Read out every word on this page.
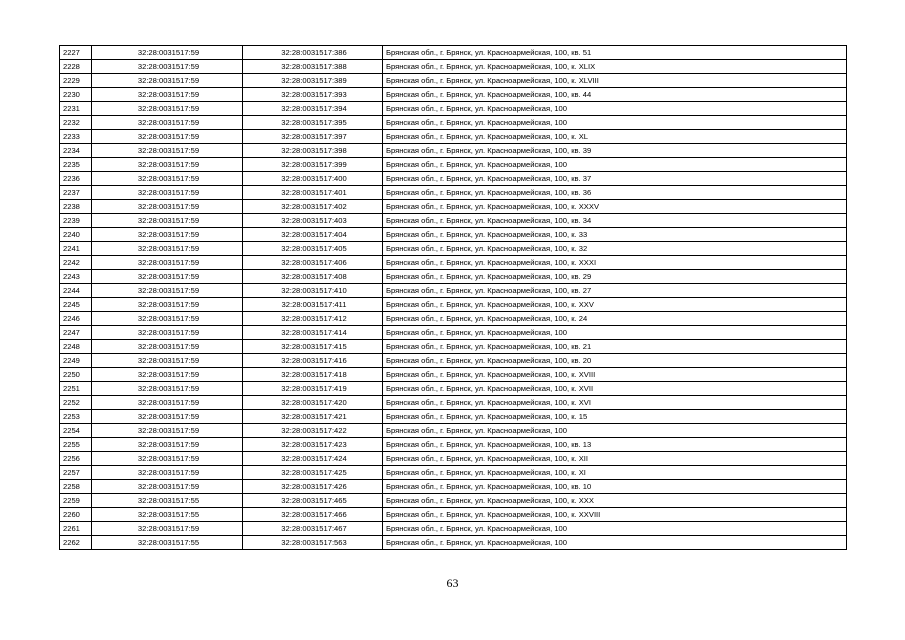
2227	32:28:0031517:59	32:28:0031517:386	Брянская обл., г. Брянск, ул. Красноармейская, 100, кв. 51
2228	32:28:0031517:59	32:28:0031517:388	Брянская обл., г. Брянск, ул. Красноармейская, 100, к. XLIX
2229	32:28:0031517:59	32:28:0031517:389	Брянская обл., г. Брянск, ул. Красноармейская, 100, к. XLVIII
2230	32:28:0031517:59	32:28:0031517:393	Брянская обл., г. Брянск, ул. Красноармейская, 100, кв. 44
2231	32:28:0031517:59	32:28:0031517:394	Брянская обл., г. Брянск, ул. Красноармейская, 100
2232	32:28:0031517:59	32:28:0031517:395	Брянская обл., г. Брянск, ул. Красноармейская, 100
2233	32:28:0031517:59	32:28:0031517:397	Брянская обл., г. Брянск, ул. Красноармейская, 100, к. XL
2234	32:28:0031517:59	32:28:0031517:398	Брянская обл., г. Брянск, ул. Красноармейская, 100, кв. 39
2235	32:28:0031517:59	32:28:0031517:399	Брянская обл., г. Брянск, ул. Красноармейская, 100
2236	32:28:0031517:59	32:28:0031517:400	Брянская обл., г. Брянск, ул. Красноармейская, 100, кв. 37
2237	32:28:0031517:59	32:28:0031517:401	Брянская обл., г. Брянск, ул. Красноармейская, 100, кв. 36
2238	32:28:0031517:59	32:28:0031517:402	Брянская обл., г. Брянск, ул. Красноармейская, 100, к. XXXV
2239	32:28:0031517:59	32:28:0031517:403	Брянская обл., г. Брянск, ул. Красноармейская, 100, кв. 34
2240	32:28:0031517:59	32:28:0031517:404	Брянская обл., г. Брянск, ул. Красноармейская, 100, к. 33
2241	32:28:0031517:59	32:28:0031517:405	Брянская обл., г. Брянск, ул. Красноармейская, 100, к. 32
2242	32:28:0031517:59	32:28:0031517:406	Брянская обл., г. Брянск, ул. Красноармейская, 100, к. XXXI
2243	32:28:0031517:59	32:28:0031517:408	Брянская обл., г. Брянск, ул. Красноармейская, 100, кв. 29
2244	32:28:0031517:59	32:28:0031517:410	Брянская обл., г. Брянск, ул. Красноармейская, 100, кв. 27
2245	32:28:0031517:59	32:28:0031517:411	Брянская обл., г. Брянск, ул. Красноармейская, 100, к. XXV
2246	32:28:0031517:59	32:28:0031517:412	Брянская обл., г. Брянск, ул. Красноармейская, 100, к. 24
2247	32:28:0031517:59	32:28:0031517:414	Брянская обл., г. Брянск, ул. Красноармейская, 100
2248	32:28:0031517:59	32:28:0031517:415	Брянская обл., г. Брянск, ул. Красноармейская, 100, кв. 21
2249	32:28:0031517:59	32:28:0031517:416	Брянская обл., г. Брянск, ул. Красноармейская, 100, кв. 20
2250	32:28:0031517:59	32:28:0031517:418	Брянская обл., г. Брянск, ул. Красноармейская, 100, к. XVIII
2251	32:28:0031517:59	32:28:0031517:419	Брянская обл., г. Брянск, ул. Красноармейская, 100, к. XVII
2252	32:28:0031517:59	32:28:0031517:420	Брянская обл., г. Брянск, ул. Красноармейская, 100, к. XVI
2253	32:28:0031517:59	32:28:0031517:421	Брянская обл., г. Брянск, ул. Красноармейская, 100, к. 15
2254	32:28:0031517:59	32:28:0031517:422	Брянская обл., г. Брянск, ул. Красноармейская, 100
2255	32:28:0031517:59	32:28:0031517:423	Брянская обл., г. Брянск, ул. Красноармейская, 100, кв. 13
2256	32:28:0031517:59	32:28:0031517:424	Брянская обл., г. Брянск, ул. Красноармейская, 100, к. XII
2257	32:28:0031517:59	32:28:0031517:425	Брянская обл., г. Брянск, ул. Красноармейская, 100, к. XI
2258	32:28:0031517:59	32:28:0031517:426	Брянская обл., г. Брянск, ул. Красноармейская, 100, кв. 10
2259	32:28:0031517:55	32:28:0031517:465	Брянская обл., г. Брянск, ул. Красноармейская, 100, к. XXX
2260	32:28:0031517:55	32:28:0031517:466	Брянская обл., г. Брянск, ул. Красноармейская, 100, к. XXVIII
2261	32:28:0031517:59	32:28:0031517:467	Брянская обл., г. Брянск, ул. Красноармейская, 100
2262	32:28:0031517:55	32:28:0031517:563	Брянская обл., г. Брянск, ул. Красноармейская, 100
63
